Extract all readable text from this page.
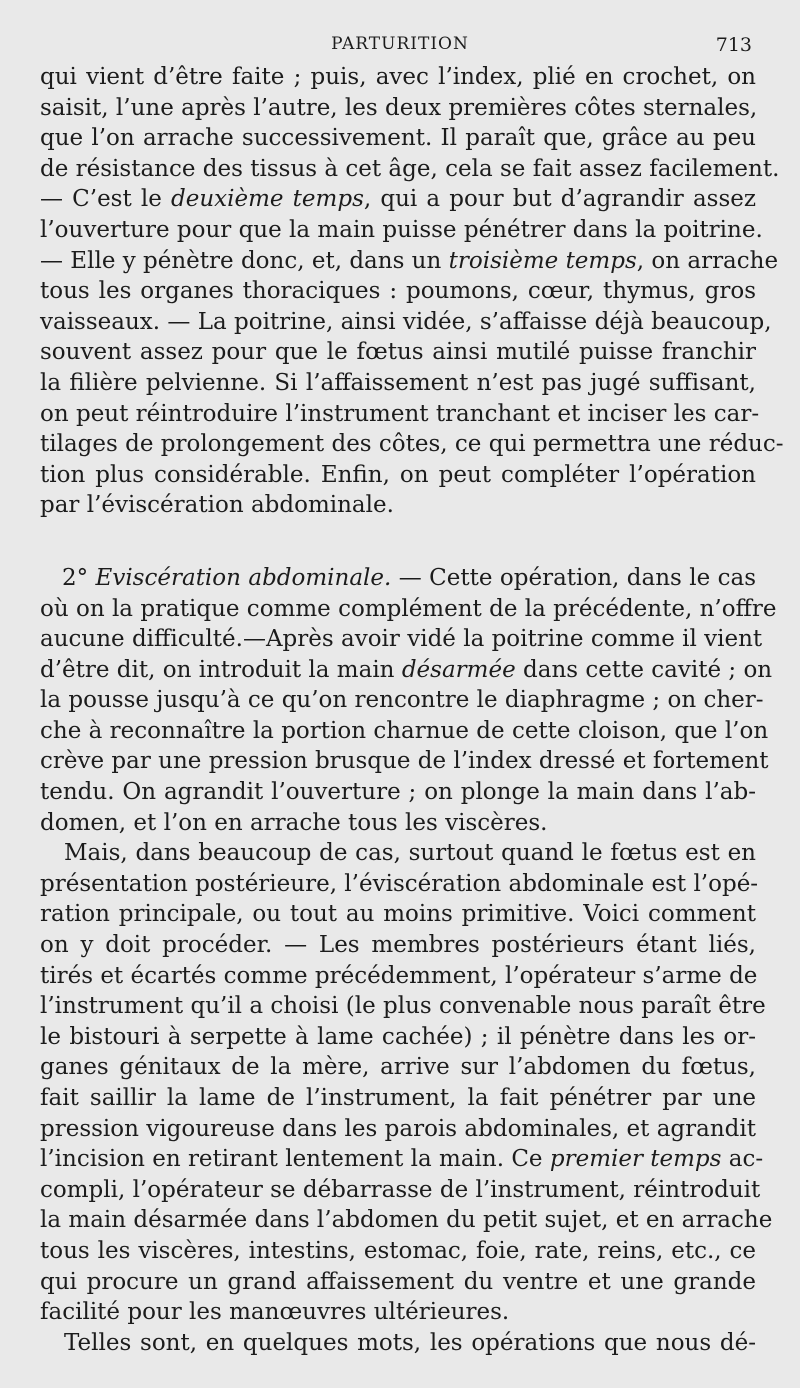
PARTURITION	713
qui vient d’être faite ; puis, avec l’index, plié en crochet, on
saisit, l’une après l’autre, les deux premières côtes sternales,
que l’on arrache successivement. Il paraît que, grâce au peu
de résistance des tissus à cet âge, cela se fait assez facilement.
— C’est le deuxième temps, qui a pour but d’agrandir assez
l’ouverture pour que la main puisse pénétrer dans la poitrine.
— Elle y pénètre donc, et, dans un troisième temps, on arrache
tous les organes thoraciques : poumons, cœur, thymus, gros
vaisseaux. — La poitrine, ainsi vidée, s’affaisse déjà beaucoup,
souvent assez pour que le fœtus ainsi mutilé puisse franchir
la filière pelvienne. Si l’affaissement n’est pas jugé suffisant,
on peut réintroduire l’instrument tranchant et inciser les car-
tilages de prolongement des côtes, ce qui permettra une réduc-
tion plus considérable. Enfin, on peut compléter l’opération
par l’éviscération abdominale.
2° Eviscération abdominale. — Cette opération, dans le cas
où on la pratique comme complément de la précédente, n’offre
aucune difficulté.—Après avoir vidé la poitrine comme il vient
d’être dit, on introduit la main désarmée dans cette cavité ; on
la pousse jusqu’à ce qu’on rencontre le diaphragme ; on cher-
che à reconnaître la portion charnue de cette cloison, que l’on
crève par une pression brusque de l’index dressé et fortement
tendu. On agrandit l’ouverture ; on plonge la main dans l’ab-
domen, et l’on en arrache tous les viscères.
Mais, dans beaucoup de cas, surtout quand le fœtus est en
présentation postérieure, l’éviscération abdominale est l’opé-
ration principale, ou tout au moins primitive. Voici comment
on y doit procéder. — Les membres postérieurs étant liés,
tirés et écartés comme précédemment, l’opérateur s’arme de
l’instrument qu’il a choisi (le plus convenable nous paraît être
le bistouri à serpette à lame cachée) ; il pénètre dans les or-
ganes génitaux de la mère, arrive sur l’abdomen du fœtus,
fait saillir la lame de l’instrument, la fait pénétrer par une
pression vigoureuse dans les parois abdominales, et agrandit
l’incision en retirant lentement la main. Ce premier temps ac-
compli, l’opérateur se débarrasse de l’instrument, réintroduit
la main désarmée dans l’abdomen du petit sujet, et en arrache
tous les viscères, intestins, estomac, foie, rate, reins, etc., ce
qui procure un grand affaissement du ventre et une grande
facilité pour les manœuvres ultérieures.
Telles sont, en quelques mots, les opérations que nous dé-
